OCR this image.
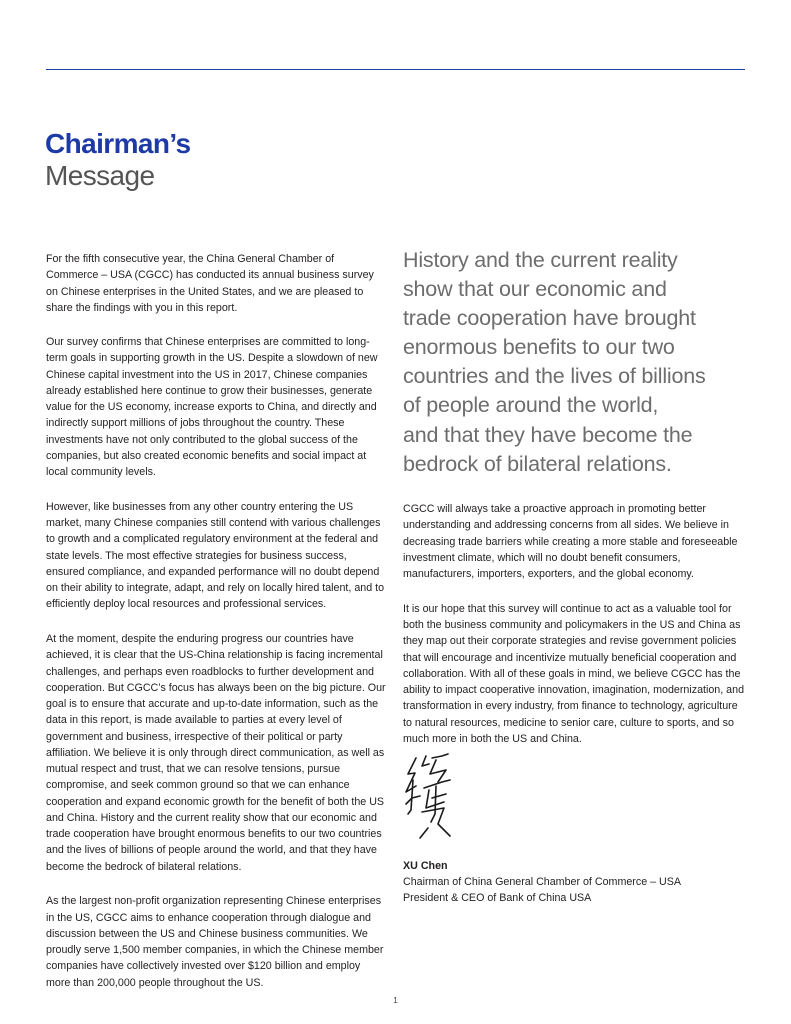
Chairman’s
Message

For the fifth consecutive year, the China General Chamber of Commerce – USA (CGCC) has conducted its annual business survey on Chinese enterprises in the United States, and we are pleased to share the findings with you in this report.

Our survey confirms that Chinese enterprises are committed to long-term goals in supporting growth in the US. Despite a slowdown of new Chinese capital investment into the US in 2017, Chinese companies already established here continue to grow their businesses, generate value for the US economy, increase exports to China, and directly and indirectly support millions of jobs throughout the country. These investments have not only contributed to the global success of the companies, but also created economic benefits and social impact at local community levels.

However, like businesses from any other country entering the US market, many Chinese companies still contend with various challenges to growth and a complicated regulatory environment at the federal and state levels. The most effective strategies for business success, ensured compliance, and expanded performance will no doubt depend on their ability to integrate, adapt, and rely on locally hired talent, and to efficiently deploy local resources and professional services.

At the moment, despite the enduring progress our countries have achieved, it is clear that the US-China relationship is facing incremental challenges, and perhaps even roadblocks to further development and cooperation. But CGCC’s focus has always been on the big picture. Our goal is to ensure that accurate and up-to-date information, such as the data in this report, is made available to parties at every level of government and business, irrespective of their political or party affiliation. We believe it is only through direct communication, as well as mutual respect and trust, that we can resolve tensions, pursue compromise, and seek common ground so that we can enhance cooperation and expand economic growth for the benefit of both the US and China. History and the current reality show that our economic and trade cooperation have brought enormous benefits to our two countries and the lives of billions of people around the world, and that they have become the bedrock of bilateral relations.

As the largest non-profit organization representing Chinese enterprises in the US, CGCC aims to enhance cooperation through dialogue and discussion between the US and Chinese business communities. We proudly serve 1,500 member companies, in which the Chinese member companies have collectively invested over $120 billion and employ more than 200,000 people throughout the US.

History and the current reality
show that our economic and
trade cooperation have brought
enormous benefits to our two
countries and the lives of billions
of people around the world,
and that they have become the
bedrock of bilateral relations.

CGCC will always take a proactive approach in promoting better understanding and addressing concerns from all sides. We believe in decreasing trade barriers while creating a more stable and foreseeable investment climate, which will no doubt benefit consumers, manufacturers, importers, exporters, and the global economy.

It is our hope that this survey will continue to act as a valuable tool for both the business community and policymakers in the US and China as they map out their corporate strategies and revise government policies that will encourage and incentivize mutually beneficial cooperation and collaboration. With all of these goals in mind, we believe CGCC has the ability to impact cooperative innovation, imagination, modernization, and transformation in every industry, from finance to technology, agriculture to natural resources, medicine to senior care, culture to sports, and so much more in both the US and China.

XU Chen
Chairman of China General Chamber of Commerce – USA
President & CEO of Bank of China USA
1
